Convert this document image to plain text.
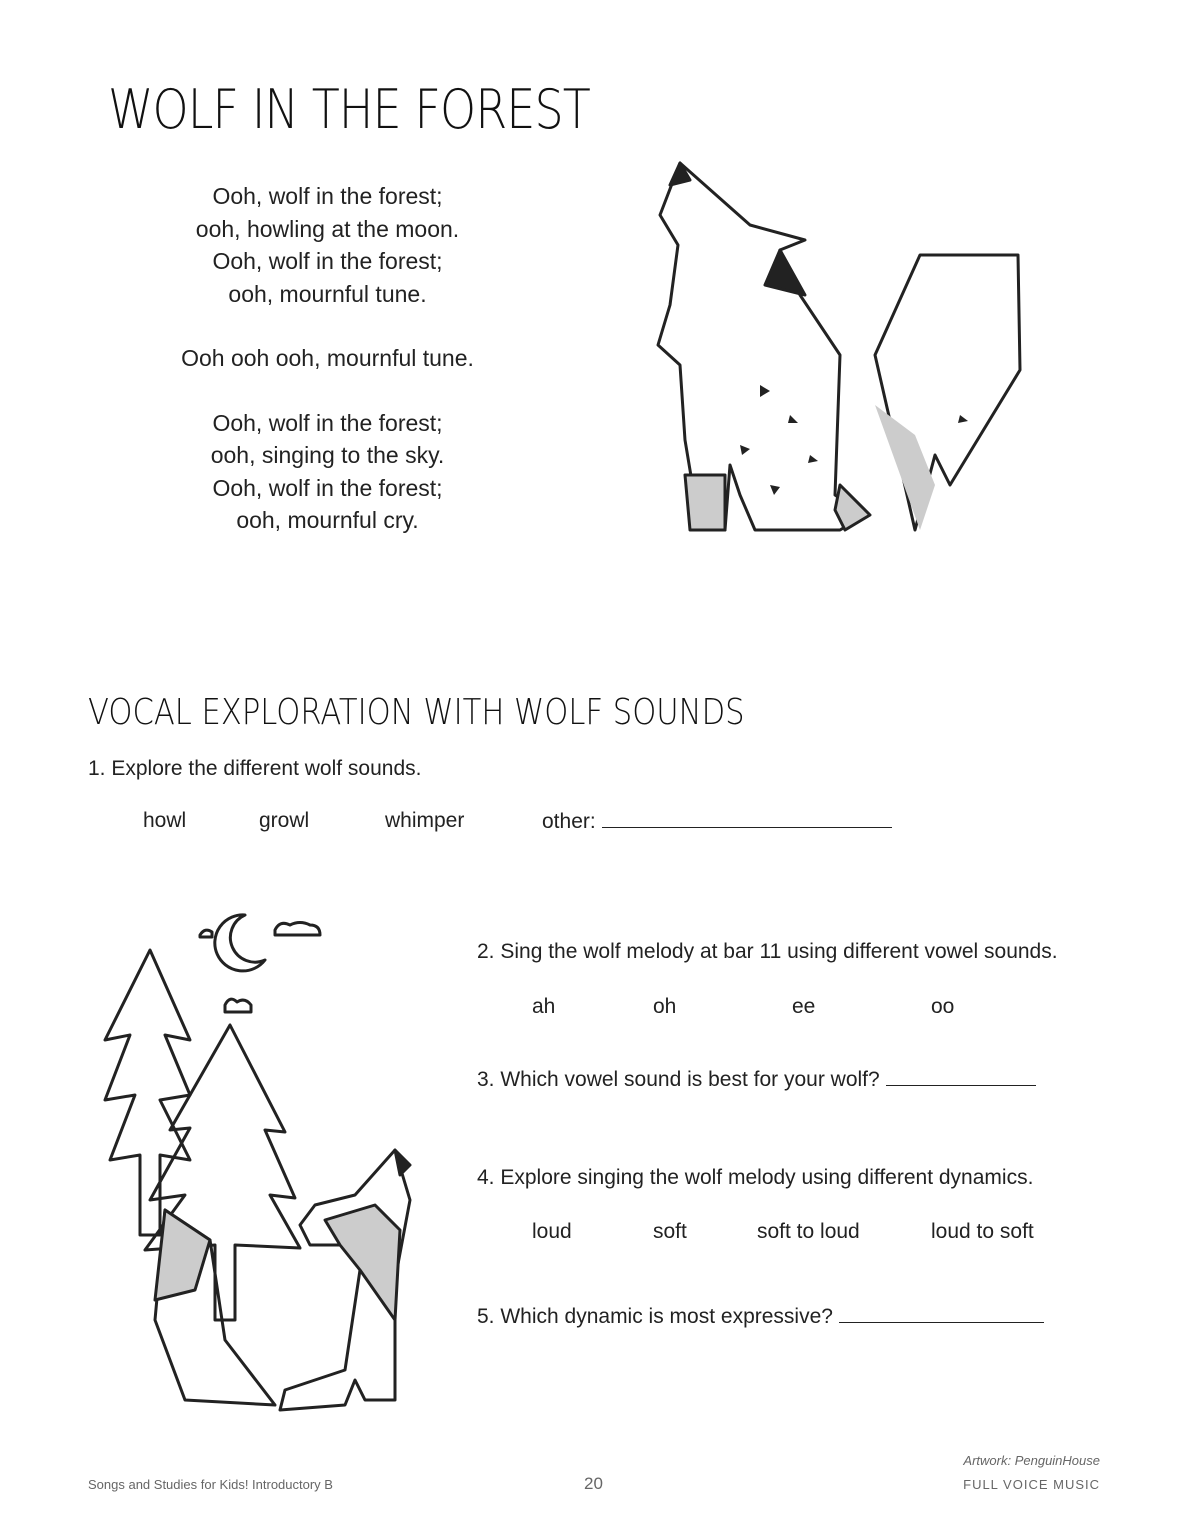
WOLF IN THE FOREST
Ooh, wolf in the forest;
ooh, howling at the moon.
Ooh, wolf in the forest;
ooh, mournful tune.
Ooh ooh ooh, mournful tune.
Ooh, wolf in the forest;
ooh, singing to the sky.
Ooh, wolf in the forest;
ooh, mournful cry.
VOCAL EXPLORATION WITH WOLF SOUNDS
1. Explore the different wolf sounds.
howl	growl	whimper	other:
2. Sing the wolf melody at bar 11 using different vowel sounds.
ah	oh	ee	oo
3. Which vowel sound is best for your wolf?
4. Explore singing the wolf melody using different dynamics.
loud	soft	soft to loud	loud to soft
5. Which dynamic is most expressive?
Songs and Studies for Kids! Introductory B	20
Artwork: PenguinHouse
FULL VOICE MUSIC
